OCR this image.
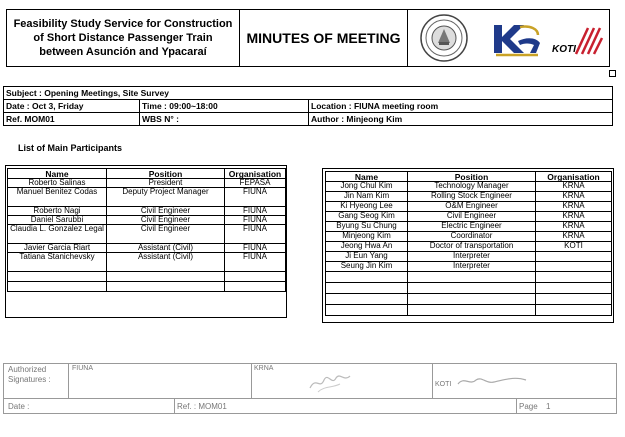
Feasibility Study Service for Construction
of Short Distance Passenger Train
between Asunción and Ypacaraí
MINUTES OF MEETING
KOTI
Subject : Opening Meetings, Site Survey		
Date : Oct 3, Friday	Time : 09:00~18:00	Location : FIUNA meeting room
Ref. MOM01	WBS N° :	Author : Minjeong Kim
List of Main Participants
Name	Position	Organisation
Roberto Salinas	President	FEPASA
Manuel Benitez Codas	Deputy Project Manager	FIUNA
Roberto Nagi	Civil Engineer	FIUNA
Daniel Sarubbi	Civil Engineer	FIUNA
Claudia L. Gonzalez Legal	Civil Engineer	FIUNA
Javier Garcia Riart	Assistant (Civil)	FIUNA
Tatiana Stanichevsky	Assistant (Civil)	FIUNA

Name	Position	Organisation
Jong Chul Kim	Technology Manager	KRNA
Jin Nam Kim	Rolling Stock Engineer	KRNA
Ki Hyeong Lee	O&M Engineer	KRNA
Gang Seog Kim	Civil Engineer	KRNA
Byung Su Chung	Electric Engineer	KRNA
Minjeong Kim	Coordinator	KRNA
Jeong Hwa An	Doctor of transportation	KOTI
Ji Eun Yang	Interpreter	
Seung Jin Kim	Interpreter	

Authorized
Signatures :
FIUNA	KRNA
KOTI
Date :	Ref. : MOM01	Page 1
